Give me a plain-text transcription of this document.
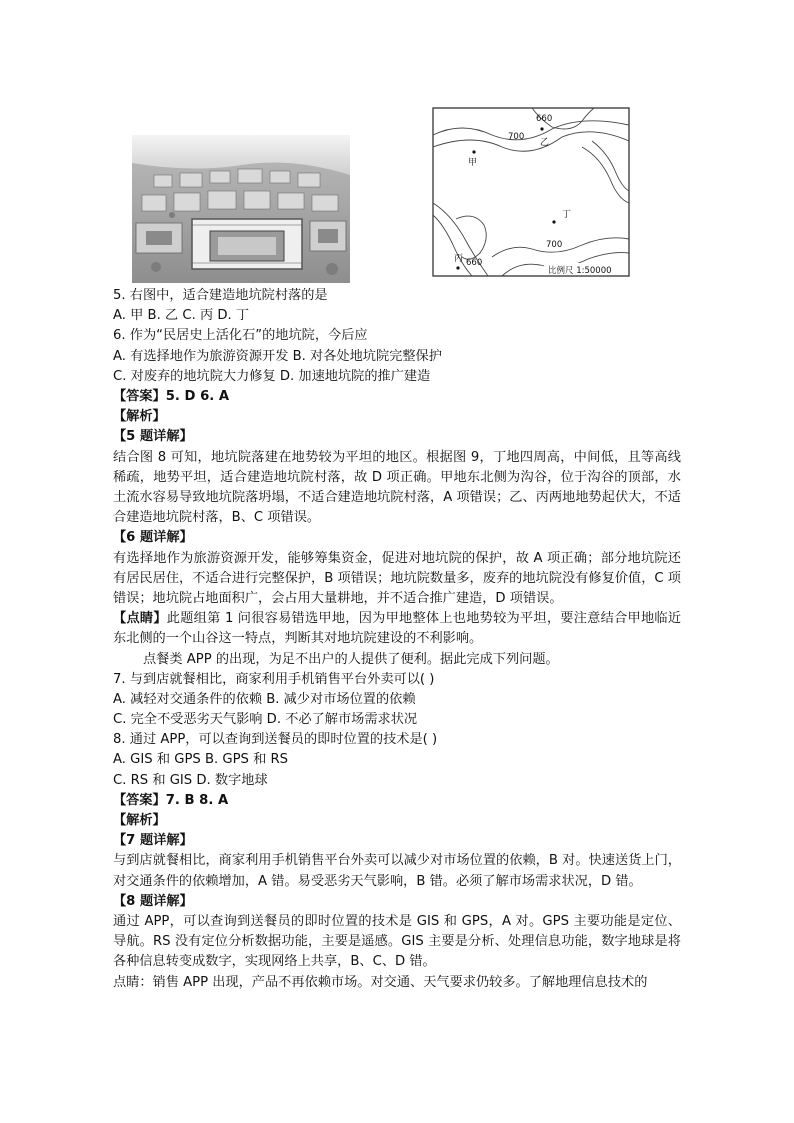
660
700
700
660
甲
乙
丙
丁
比例尺 1:50000
5. 右图中，适合建造地坑院村落的是
A. 甲 B. 乙 C. 丙 D. 丁
6. 作为“民居史上活化石”的地坑院，今后应
A. 有选择地作为旅游资源开发 B. 对各处地坑院完整保护
C. 对废弃的地坑院大力修复 D. 加速地坑院的推广建造
【答案】5. D 6. A
【解析】
【5 题详解】
结合图 8 可知，地坑院落建在地势较为平坦的地区。根据图 9，丁地四周高，中间低，且等高线稀疏，地势平坦，适合建造地坑院村落，故 D 项正确。甲地东北侧为沟谷，位于沟谷的顶部，水土流水容易导致地坑院落坍塌，不适合建造地坑院村落，A 项错误；乙、丙两地地势起伏大，不适合建造地坑院村落，B、C 项错误。
【6 题详解】
有选择地作为旅游资源开发，能够筹集资金，促进对地坑院的保护，故 A 项正确；部分地坑院还有居民居住，不适合进行完整保护，B 项错误；地坑院数量多，废弃的地坑院没有修复价值，C 项错误；地坑院占地面积广，会占用大量耕地，并不适合推广建造，D 项错误。
【点睛】此题组第 1 问很容易错选甲地，因为甲地整体上也地势较为平坦，要注意结合甲地临近东北侧的一个山谷这一特点，判断其对地坑院建设的不利影响。
点餐类 APP 的出现，为足不出户的人提供了便利。据此完成下列问题。
7. 与到店就餐相比，商家利用手机销售平台外卖可以( )
A. 减轻对交通条件的依赖 B. 减少对市场位置的依赖
C. 完全不受恶劣天气影响 D. 不必了解市场需求状况
8. 通过 APP，可以查询到送餐员的即时位置的技术是( )
A. GIS 和 GPS B. GPS 和 RS
C. RS 和 GIS D. 数字地球
【答案】7. B 8. A
【解析】
【7 题详解】
与到店就餐相比，商家利用手机销售平台外卖可以减少对市场位置的依赖，B 对。快速送货上门，对交通条件的依赖增加，A 错。易受恶劣天气影响，B 错。必须了解市场需求状况，D 错。
【8 题详解】
通过 APP，可以查询到送餐员的即时位置的技术是 GIS 和 GPS，A 对。GPS 主要功能是定位、导航。RS 没有定位分析数据功能，主要是遥感。GIS 主要是分析、处理信息功能，数字地球是将各种信息转变成数字，实现网络上共享，B、C、D 错。
点睛：销售 APP 出现，产品不再依赖市场。对交通、天气要求仍较多。了解地理信息技术的
